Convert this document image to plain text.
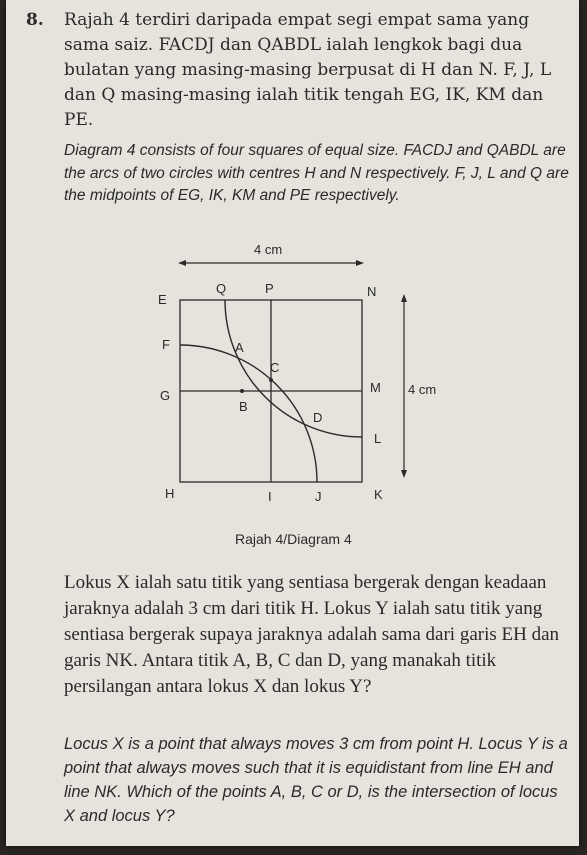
8. Rajah 4 terdiri daripada empat segi empat sama yang sama saiz. FACDJ dan QABDL ialah lengkok bagi dua bulatan yang masing-masing berpusat di H dan N. F, J, L dan Q masing-masing ialah titik tengah EG, IK, KM dan PE.
Diagram 4 consists of four squares of equal size. FACDJ and QABDL are the arcs of two circles with centres H and N respectively. F, J, L and Q are the midpoints of EG, IK, KM and PE respectively.
4 cm
4 cm
E
Q	P	N
F	A
C
G
M
B
D
L
H	I	J	K
Rajah 4/Diagram 4
Lokus X ialah satu titik yang sentiasa bergerak dengan keadaan jaraknya adalah 3 cm dari titik H. Lokus Y ialah satu titik yang sentiasa bergerak supaya jaraknya adalah sama dari garis EH dan garis NK. Antara titik A, B, C dan D, yang manakah titik persilangan antara lokus X dan lokus Y?
Locus X is a point that always moves 3 cm from point H. Locus Y is a point that always moves such that it is equidistant from line EH and line NK. Which of the points A, B, C or D, is the intersection of locus X and locus Y?
